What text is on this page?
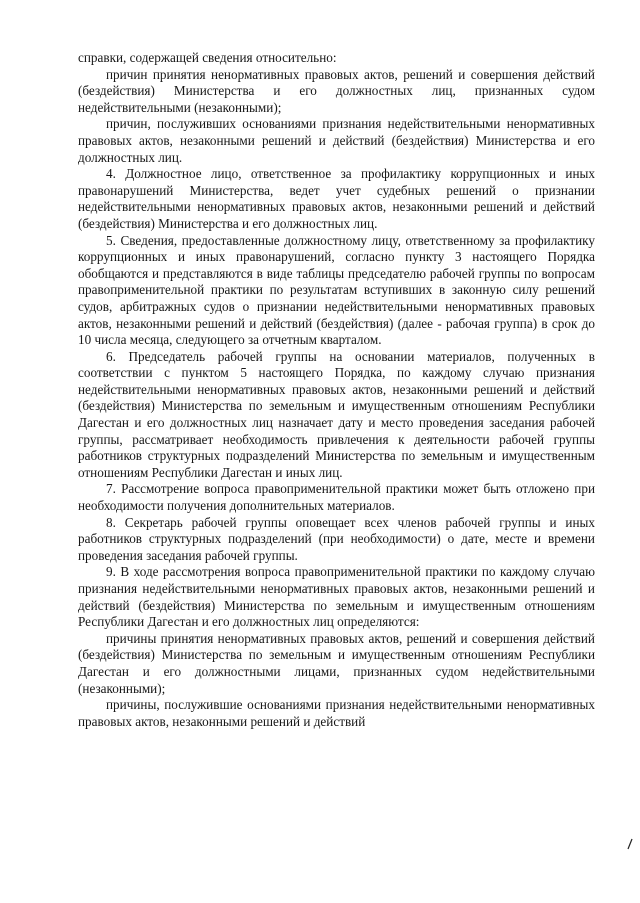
справки, содержащей сведения относительно:

причин принятия ненормативных правовых актов, решений и совершения действий (бездействия) Министерства и его должностных лиц, признанных судом недействительными (незаконными);

причин, послуживших основаниями признания недействительными ненормативных правовых актов, незаконными решений и действий (бездействия) Министерства и его должностных лиц.

4. Должностное лицо, ответственное за профилактику коррупционных и иных правонарушений Министерства, ведет учет судебных решений о признании недействительными ненормативных правовых актов, незаконными решений и действий (бездействия) Министерства и его должностных лиц.

5. Сведения, предоставленные должностному лицу, ответственному за профилактику коррупционных и иных правонарушений, согласно пункту 3 настоящего Порядка обобщаются и представляются в виде таблицы председателю рабочей группы по вопросам правоприменительной практики по результатам вступивших в законную силу решений судов, арбитражных судов о признании недействительными ненормативных правовых актов, незаконными решений и действий (бездействия) (далее - рабочая группа) в срок до 10 числа месяца, следующего за отчетным кварталом.

6. Председатель рабочей группы на основании материалов, полученных в соответствии с пунктом 5 настоящего Порядка, по каждому случаю признания недействительными ненормативных правовых актов, незаконными решений и действий (бездействия) Министерства по земельным и имущественным отношениям Республики Дагестан и его должностных лиц назначает дату и место проведения заседания рабочей группы, рассматривает необходимость привлечения к деятельности рабочей группы работников структурных подразделений Министерства по земельным и имущественным отношениям Республики Дагестан и иных лиц.

7. Рассмотрение вопроса правоприменительной практики может быть отложено при необходимости получения дополнительных материалов.

8. Секретарь рабочей группы оповещает всех членов рабочей группы и иных работников структурных подразделений (при необходимости) о дате, месте и времени проведения заседания рабочей группы.

9. В ходе рассмотрения вопроса правоприменительной практики по каждому случаю признания недействительными ненормативных правовых актов, незаконными решений и действий (бездействия) Министерства по земельным и имущественным отношениям Республики Дагестан и его должностных лиц определяются:

причины принятия ненормативных правовых актов, решений и совершения действий (бездействия) Министерства по земельным и имущественным отношениям Республики Дагестан и его должностными лицами, признанных судом недействительными (незаконными);

причины, послужившие основаниями признания недействительными ненормативных правовых актов, незаконными решений и действий
